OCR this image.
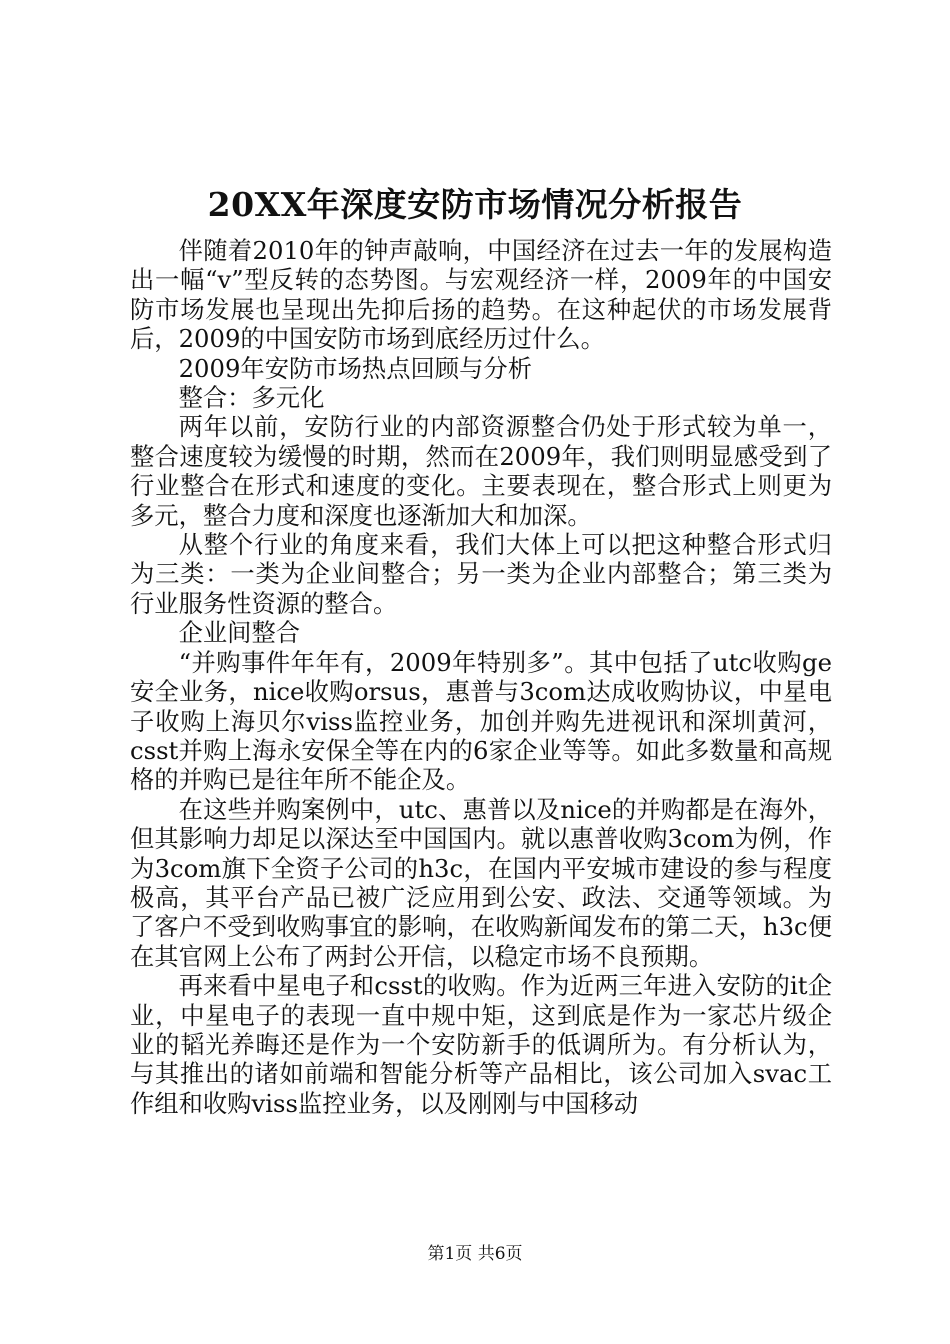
20XX年深度安防市场情况分析报告

伴随着2010年的钟声敲响，中国经济在过去一年的发展构造出一幅“v”型反转的态势图。与宏观经济一样，2009年的中国安防市场发展也呈现出先抑后扬的趋势。在这种起伏的市场发展背后，2009的中国安防市场到底经历过什么。

2009年安防市场热点回顾与分析

整合：多元化

两年以前，安防行业的内部资源整合仍处于形式较为单一，整合速度较为缓慢的时期，然而在2009年，我们则明显感受到了行业整合在形式和速度的变化。主要表现在，整合形式上则更为多元，整合力度和深度也逐渐加大和加深。

从整个行业的角度来看，我们大体上可以把这种整合形式归为三类：一类为企业间整合；另一类为企业内部整合；第三类为行业服务性资源的整合。

企业间整合

“并购事件年年有，2009年特别多”。其中包括了utc收购ge安全业务，nice收购orsus，惠普与3com达成收购协议，中星电子收购上海贝尔viss监控业务，加创并购先进视讯和深圳黄河，csst并购上海永安保全等在内的6家企业等等。如此多数量和高规格的并购已是往年所不能企及。

在这些并购案例中，utc、惠普以及nice的并购都是在海外，但其影响力却足以深达至中国国内。就以惠普收购3com为例，作为3com旗下全资子公司的h3c，在国内平安城市建设的参与程度极高，其平台产品已被广泛应用到公安、政法、交通等领域。为了客户不受到收购事宜的影响，在收购新闻发布的第二天，h3c便在其官网上公布了两封公开信，以稳定市场不良预期。

再来看中星电子和csst的收购。作为近两三年进入安防的it企业，中星电子的表现一直中规中矩，这到底是作为一家芯片级企业的韬光养晦还是作为一个安防新手的低调所为。有分析认为，与其推出的诸如前端和智能分析等产品相比，该公司加入svac工作组和收购viss监控业务，以及刚刚与中国移动

第1页 共6页
